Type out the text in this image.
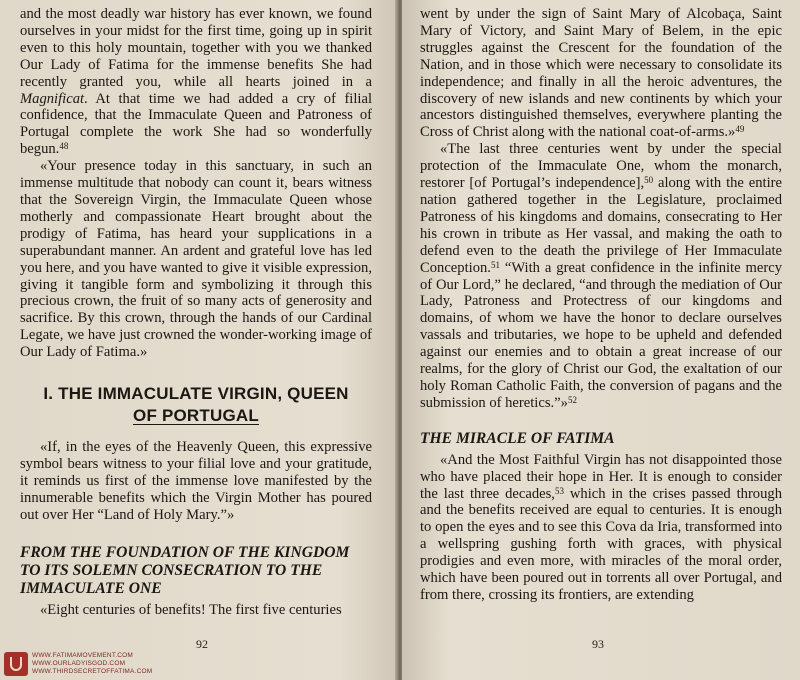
and the most deadly war history has ever known, we found ourselves in your midst for the first time, going up in spirit even to this holy mountain, together with you we thanked Our Lady of Fatima for the immense benefits She had recently granted you, while all hearts joined in a Magnificat. At that time we had added a cry of filial confidence, that the Immaculate Queen and Patroness of Portugal complete the work She had so wonderfully begun.$^{48}$

«Your presence today in this sanctuary, in such an immense multitude that nobody can count it, bears witness that the Sovereign Virgin, the Immaculate Queen whose motherly and compassionate Heart brought about the prodigy of Fatima, has heard your supplications in a superabundant manner. An ardent and grateful love has led you here, and you have wanted to give it visible expression, giving it tangible form and symbolizing it through this precious crown, the fruit of so many acts of generosity and sacrifice. By this crown, through the hands of our Cardinal Legate, we have just crowned the wonder-working image of Our Lady of Fatima.»

I. THE IMMACULATE VIRGIN, QUEEN
OF PORTUGAL

«If, in the eyes of the Heavenly Queen, this expressive symbol bears witness to your filial love and your gratitude, it reminds us first of the immense love manifested by the innumerable benefits which the Virgin Mother has poured out over Her “Land of Holy Mary.”»

FROM THE FOUNDATION OF THE KINGDOM TO ITS SOLEMN CONSECRATION TO THE IMMACULATE ONE

«Eight centuries of benefits! The first five centuries

92
WWW.FATIMAMOVEMENT.COM
WWW.OURLADYISGOD.COM
WWW.THIRDSECRETOFFATIMA.COM

went by under the sign of Saint Mary of Alcobaça, Saint Mary of Victory, and Saint Mary of Belem, in the epic struggles against the Crescent for the foundation of the Nation, and in those which were necessary to consolidate its independence; and finally in all the heroic adventures, the discovery of new islands and new continents by which your ancestors distinguished themselves, everywhere planting the Cross of Christ along with the national coat-of-arms.»$^{49}$

«The last three centuries went by under the special protection of the Immaculate One, whom the monarch, restorer [of Portugal’s independence],$^{50}$ along with the entire nation gathered together in the Legislature, proclaimed Patroness of his kingdoms and domains, consecrating to Her his crown in tribute as Her vassal, and making the oath to defend even to the death the privilege of Her Immaculate Conception.$^{51}$ “With a great confidence in the infinite mercy of Our Lord,” he declared, “and through the mediation of Our Lady, Patroness and Protectress of our kingdoms and domains, of whom we have the honor to declare ourselves vassals and tributaries, we hope to be upheld and defended against our enemies and to obtain a great increase of our realms, for the glory of Christ our God, the exaltation of our holy Roman Catholic Faith, the conversion of pagans and the submission of heretics.”»$^{52}$

THE MIRACLE OF FATIMA

«And the Most Faithful Virgin has not disappointed those who have placed their hope in Her. It is enough to consider the last three decades,$^{53}$ which in the crises passed through and the benefits received are equal to centuries. It is enough to open the eyes and to see this Cova da Iria, transformed into a wellspring gushing forth with graces, with physical prodigies and even more, with miracles of the moral order, which have been poured out in torrents all over Portugal, and from there, crossing its frontiers, are extending

93
